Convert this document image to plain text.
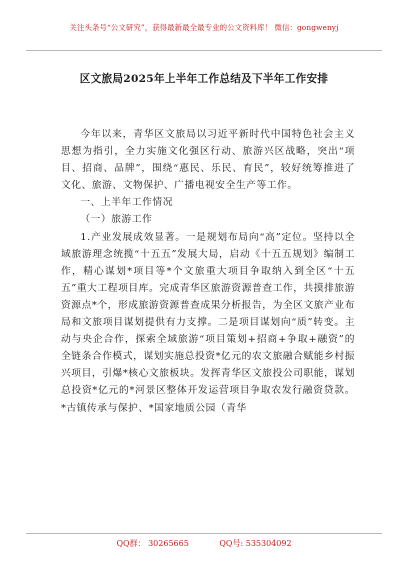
关注头条号“公文研究”，获得最新最全最专业的公文资料库！ 微信：gongwenyj
区文旅局2025年上半年工作总结及下半年工作安排

今年以来，青华区文旅局以习近平新时代中国特色社会主义思想为指引，全力实施文化强区行动、旅游兴区战略，突出“项目、招商、品牌”，围绕“惠民、乐民、育民”，较好统筹推进了文化、旅游、文物保护、广播电视安全生产等工作。

一、上半年工作情况

（一）旅游工作

1.产业发展成效显著。一是规划布局向“高”定位。坚持以全域旅游理念统揽“十五五”发展大局，启动《十五五规划》编制工作，精心谋划*项目等*个文旅重大项目争取纳入到全区“十五五”重大工程项目库。完成青华区旅游资源普查工作，共摸排旅游资源点*个，形成旅游资源普查成果分析报告，为全区文旅产业布局和文旅项目谋划提供有力支撑。二是项目谋划向“质”转变。主动与央企合作，探索全域旅游“项目策划+招商+争取+融资”的全链条合作模式，谋划实施总投资*亿元的农文旅融合赋能乡村振兴项目，引爆*核心文旅板块。发挥青华区文旅投公司职能，谋划总投资*亿元的*河景区整体开发运营项目争取农发行融资贷款。*古镇传承与保护、*国家地质公园（青华

QQ群： 30265665	QQ号: 535304092
